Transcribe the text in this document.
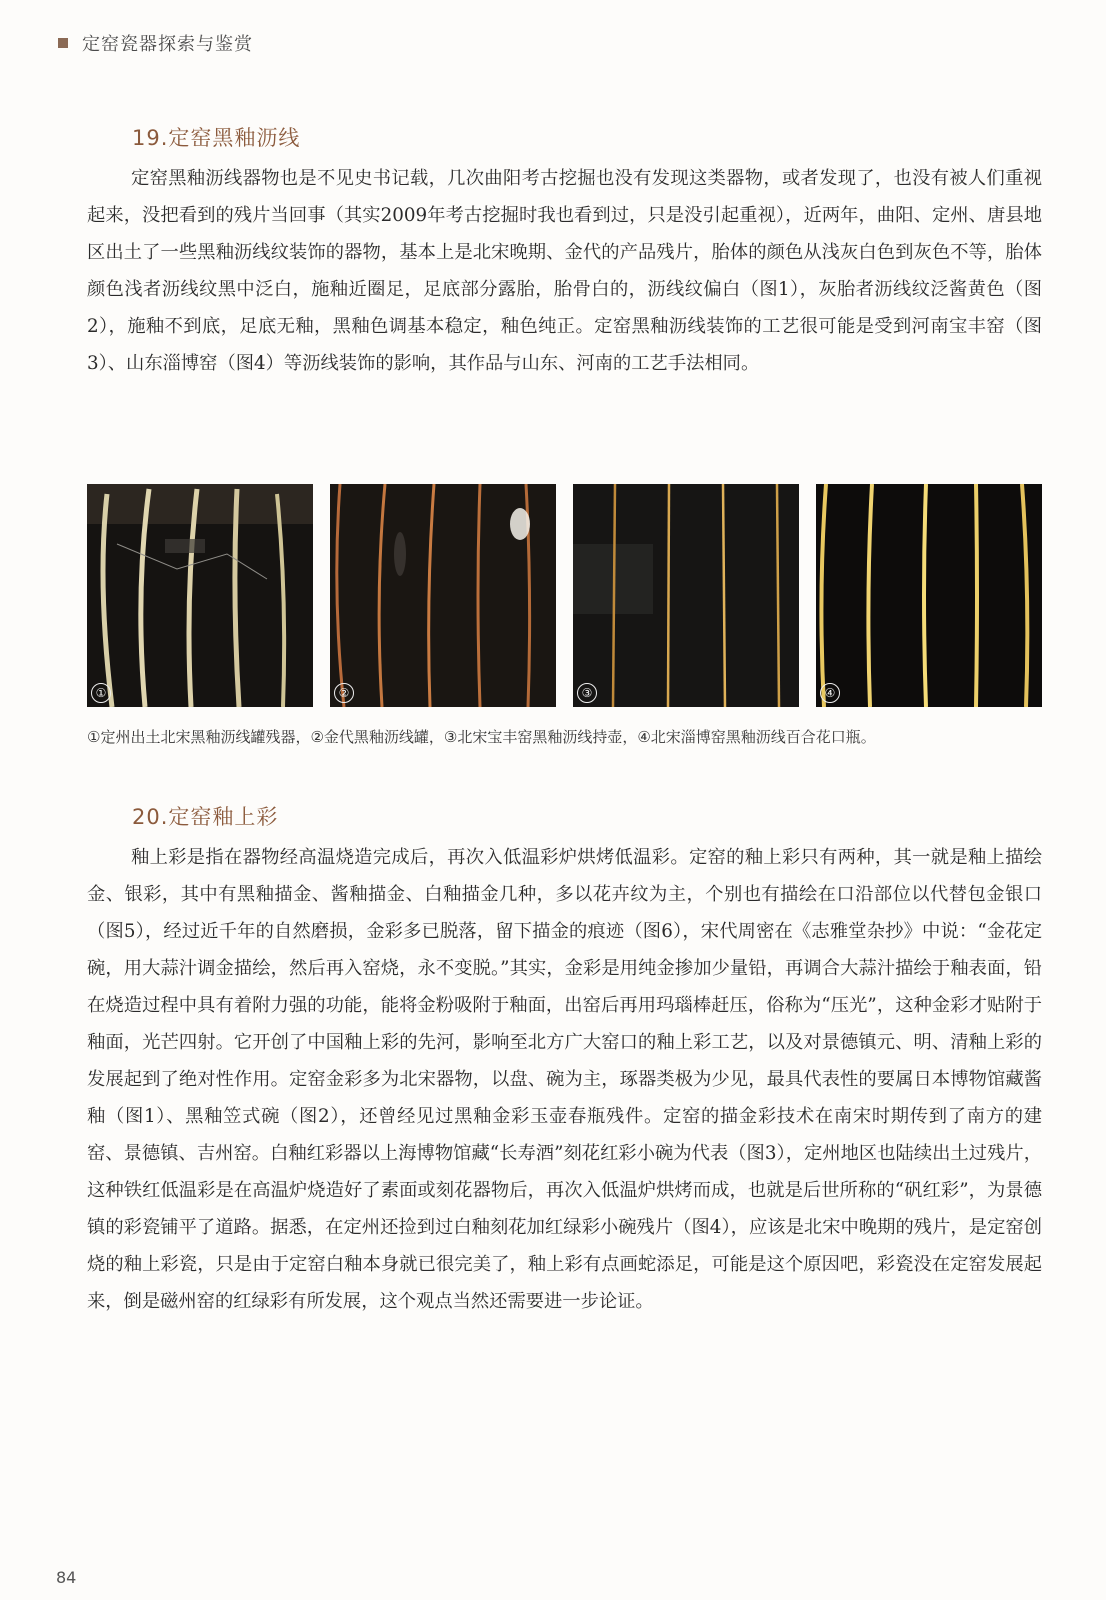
定窑瓷器探索与鉴赏
19.定窑黑釉沥线

定窑黑釉沥线器物也是不见史书记载，几次曲阳考古挖掘也没有发现这类器物，或者发现了，也没有被人们重视起来，没把看到的残片当回事（其实2009年考古挖掘时我也看到过，只是没引起重视），近两年，曲阳、定州、唐县地区出土了一些黑釉沥线纹装饰的器物，基本上是北宋晚期、金代的产品残片，胎体的颜色从浅灰白色到灰色不等，胎体颜色浅者沥线纹黑中泛白，施釉近圈足，足底部分露胎，胎骨白的，沥线纹偏白（图1），灰胎者沥线纹泛酱黄色（图2），施釉不到底，足底无釉，黑釉色调基本稳定，釉色纯正。定窑黑釉沥线装饰的工艺很可能是受到河南宝丰窑（图3）、山东淄博窑（图4）等沥线装饰的影响，其作品与山东、河南的工艺手法相同。

①	②	③	④

①定州出土北宋黑釉沥线罐残器，②金代黑釉沥线罐，③北宋宝丰窑黑釉沥线持壶，④北宋淄博窑黑釉沥线百合花口瓶。

20.定窑釉上彩

釉上彩是指在器物经高温烧造完成后，再次入低温彩炉烘烤低温彩。定窑的釉上彩只有两种，其一就是釉上描绘金、银彩，其中有黑釉描金、酱釉描金、白釉描金几种，多以花卉纹为主，个别也有描绘在口沿部位以代替包金银口（图5），经过近千年的自然磨损，金彩多已脱落，留下描金的痕迹（图6），宋代周密在《志雅堂杂抄》中说：“金花定碗，用大蒜汁调金描绘，然后再入窑烧，永不变脱。”其实，金彩是用纯金掺加少量铅，再调合大蒜汁描绘于釉表面，铅在烧造过程中具有着附力强的功能，能将金粉吸附于釉面，出窑后再用玛瑙棒赶压，俗称为“压光”，这种金彩才贴附于釉面，光芒四射。它开创了中国釉上彩的先河，影响至北方广大窑口的釉上彩工艺，以及对景德镇元、明、清釉上彩的发展起到了绝对性作用。定窑金彩多为北宋器物，以盘、碗为主，琢器类极为少见，最具代表性的要属日本博物馆藏酱釉（图1）、黑釉笠式碗（图2），还曾经见过黑釉金彩玉壶春瓶残件。定窑的描金彩技术在南宋时期传到了南方的建窑、景德镇、吉州窑。白釉红彩器以上海博物馆藏“长寿酒”刻花红彩小碗为代表（图3），定州地区也陆续出土过残片，这种铁红低温彩是在高温炉烧造好了素面或刻花器物后，再次入低温炉烘烤而成，也就是后世所称的“矾红彩”，为景德镇的彩瓷铺平了道路。据悉，在定州还捡到过白釉刻花加红绿彩小碗残片（图4），应该是北宋中晚期的残片，是定窑创烧的釉上彩瓷，只是由于定窑白釉本身就已很完美了，釉上彩有点画蛇添足，可能是这个原因吧，彩瓷没在定窑发展起来，倒是磁州窑的红绿彩有所发展，这个观点当然还需要进一步论证。

84
